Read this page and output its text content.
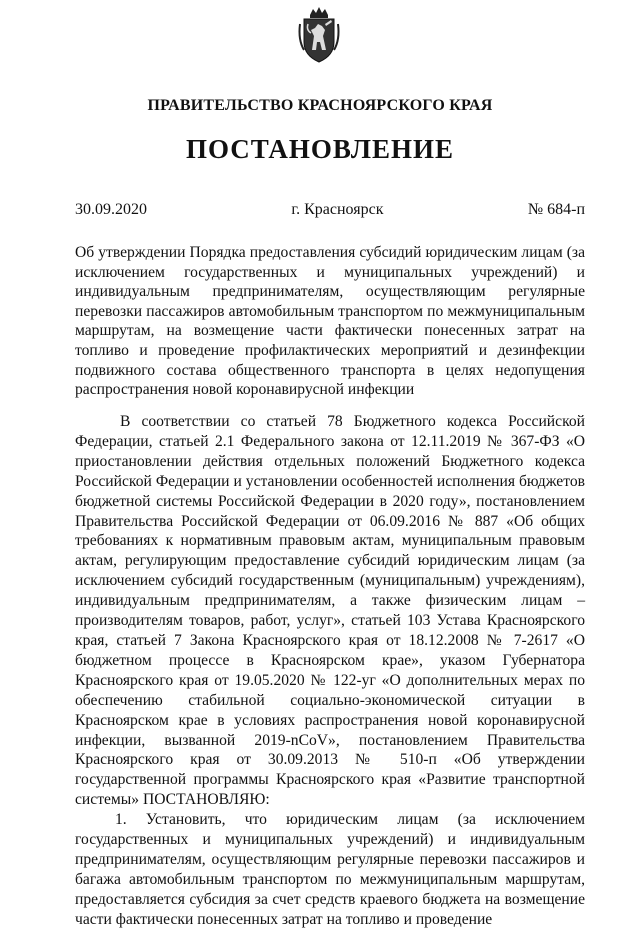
ПРАВИТЕЛЬСТВО КРАСНОЯРСКОГО КРАЯ
ПОСТАНОВЛЕНИЕ
30.09.2020	г. Красноярск	№ 684-п
Об утверждении Порядка предоставления субсидий юридическим лицам (за исключением государственных и муниципальных учреждений) и индивидуальным предпринимателям, осуществляющим регулярные перевозки пассажиров автомобильным транспортом по межмуниципальным маршрутам, на возмещение части фактически понесенных затрат на топливо и проведение профилактических мероприятий и дезинфекции подвижного состава общественного транспорта в целях недопущения распространения новой коронавирусной инфекции

В соответствии со статьей 78 Бюджетного кодекса Российской Федерации, статьей 2.1 Федерального закона от 12.11.2019 № 367-ФЗ «О приостановлении действия отдельных положений Бюджетного кодекса Российской Федерации и установлении особенностей исполнения бюджетов бюджетной системы Российской Федерации в 2020 году», постановлением Правительства Российской Федерации от 06.09.2016 № 887 «Об общих требованиях к нормативным правовым актам, муниципальным правовым актам, регулирующим предоставление субсидий юридическим лицам (за исключением субсидий государственным (муниципальным) учреждениям), индивидуальным предпринимателям, а также физическим лицам – производителям товаров, работ, услуг», статьей 103 Устава Красноярского края, статьей 7 Закона Красноярского края от 18.12.2008 № 7-2617 «О бюджетном процессе в Красноярском крае», указом Губернатора Красноярского края от 19.05.2020 № 122-уг «О дополнительных мерах по обеспечению стабильной социально-экономической ситуации в Красноярском крае в условиях распространения новой коронавирусной инфекции, вызванной 2019-nCoV», постановлением Правительства Красноярского края от 30.09.2013 № 510-п «Об утверждении государственной программы Красноярского края «Развитие транспортной системы» ПОСТАНОВЛЯЮ:

1. Установить, что юридическим лицам (за исключением государственных и муниципальных учреждений) и индивидуальным предпринимателям, осуществляющим регулярные перевозки пассажиров и багажа автомобильным транспортом по межмуниципальным маршрутам, предоставляется субсидия за счет средств краевого бюджета на возмещение части фактически понесенных затрат на топливо и проведение
